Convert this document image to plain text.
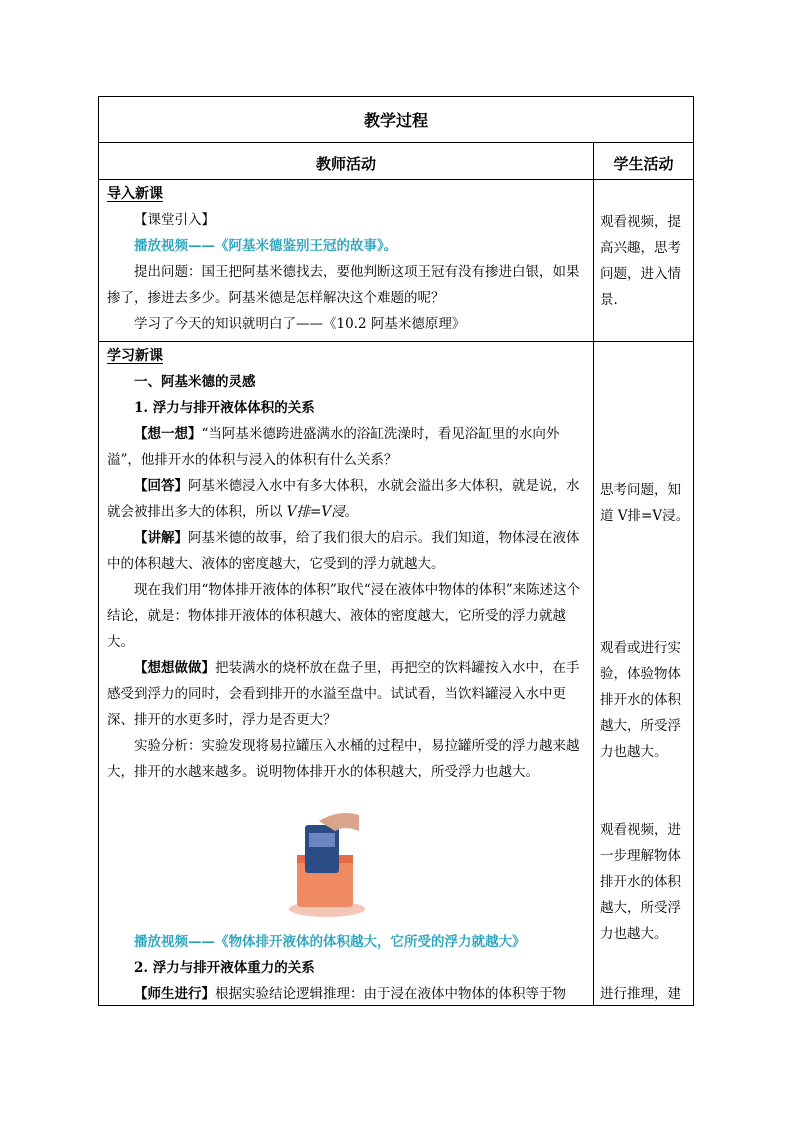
教学过程
教师活动	学生活动
导入新课

【课堂引入】

播放视频——《阿基米德鉴别王冠的故事》。

提出问题：国王把阿基米德找去，要他判断这项王冠有没有掺进白银，如果掺了，掺进去多少。阿基米德是怎样解决这个难题的呢？

学习了今天的知识就明白了——《10.2 阿基米德原理》

观看视频，提高兴趣，思考问题，进入情景.
学习新课

一、阿基米德的灵感

1. 浮力与排开液体体积的关系

【想一想】“当阿基米德跨进盛满水的浴缸洗澡时，看见浴缸里的水向外溢”，他排开水的体积与浸入的体积有什么关系？

【回答】阿基米德浸入水中有多大体积，水就会溢出多大体积，就是说，水就会被排出多大的体积，所以 V排=V浸。

【讲解】阿基米德的故事，给了我们很大的启示。我们知道，物体浸在液体中的体积越大、液体的密度越大，它受到的浮力就越大。

现在我们用“物体排开液体的体积”取代“浸在液体中物体的体积”来陈述这个结论，就是：物体排开液体的体积越大、液体的密度越大，它所受的浮力就越大。

【想想做做】把装满水的烧杯放在盘子里，再把空的饮料罐按入水中，在手感受到浮力的同时，会看到排开的水溢至盘中。试试看，当饮料罐浸入水中更深、排开的水更多时，浮力是否更大？

实验分析：实验发现将易拉罐压入水桶的过程中，易拉罐所受的浮力越来越大，排开的水越来越多。说明物体排开水的体积越大，所受浮力也越大。

播放视频——《物体排开液体的体积越大，它所受的浮力就越大》

2. 浮力与排开液体重力的关系

【师生进行】根据实验结论逻辑推理：由于浸在液体中物体的体积等于物

思考问题，知道 V排=V浸。
观看或进行实验，体验物体排开水的体积越大，所受浮力也越大。
观看视频，进一步理解物体排开水的体积越大，所受浮力也越大。
进行推理，建
